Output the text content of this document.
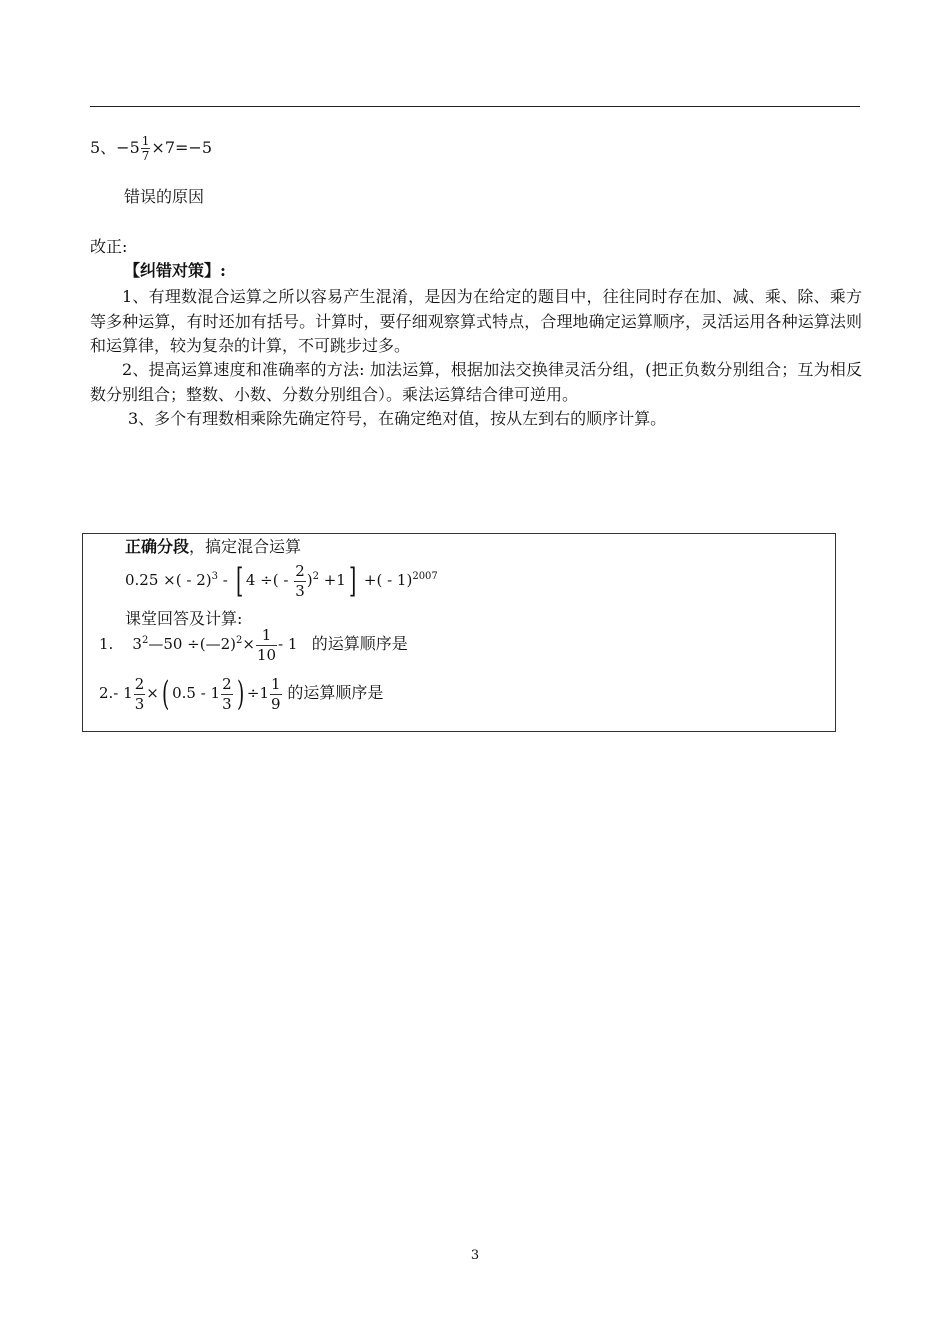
5、$-5 \frac{1}{7} \times 7=-5$
错误的原因
改正:
【纠错对策】:
1、有理数混合运算之所以容易产生混淆，是因为在给定的题目中，往往同时存在加、减、乘、除、乘方等多种运算，有时还加有括号。计算时，要仔细观察算式特点，合理地确定运算顺序，灵活运用各种运算法则和运算律，较为复杂的计算，不可跳步过多。
2、提高运算速度和准确率的方法: 加法运算，根据加法交换律灵活分组，(把正负数分别组合；互为相反数分别组合；整数、小数、分数分别组合）。乘法运算结合律可逆用。
3、多个有理数相乘除先确定符号，在确定绝对值，按从左到右的顺序计算。
正确分段，搞定混合运算
0.25 ×( - 2)$^3$ - [ 4 ÷( - $\frac{2}{3} )^2 +1$] +( - 1)$^{2007}$
课堂回答及计算:
1. $3^2—50$ ÷(—2)$^2$× $\frac{1}{10} - 1$ 的运算顺序是
2.- $1 \frac{2}{3}$ ×( $0.5 - 1 \frac{2}{3}$ ) $\div 1 \frac{1}{9}$ 的运算顺序是
3
